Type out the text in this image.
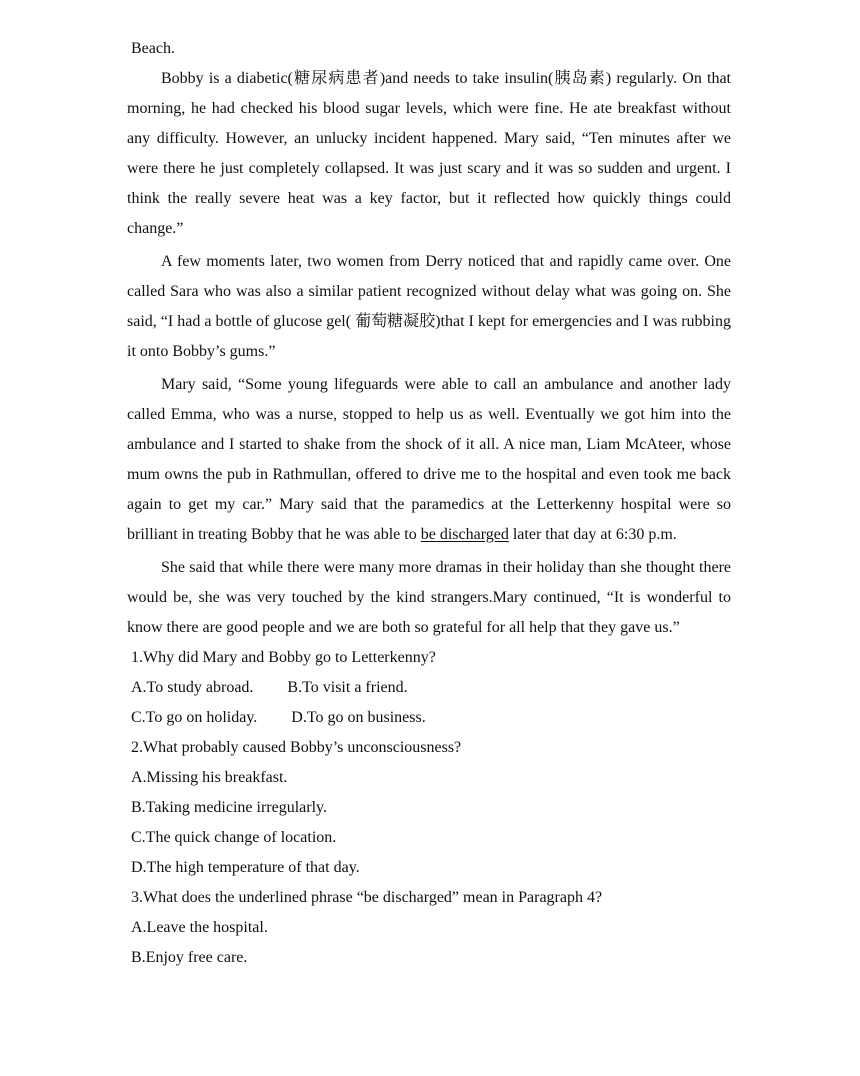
Beach.

Bobby is a diabetic(糖尿病患者)and needs to take insulin(胰岛素) regularly. On that morning, he had checked his blood sugar levels, which were fine. He ate breakfast without any difficulty. However, an unlucky incident happened. Mary said, “Ten minutes after we were there he just completely collapsed. It was just scary and it was so sudden and urgent. I think the really severe heat was a key factor, but it reflected how quickly things could change.”

A few moments later, two women from Derry noticed that and rapidly came over. One called Sara who was also a similar patient recognized without delay what was going on. She said, “I had a bottle of glucose gel( 葡萄糖凝胶)that I kept for emergencies and I was rubbing it onto Bobby’s gums.”

Mary said, “Some young lifeguards were able to call an ambulance and another lady called Emma, who was a nurse, stopped to help us as well. Eventually we got him into the ambulance and I started to shake from the shock of it all. A nice man, Liam McAteer, whose mum owns the pub in Rathmullan, offered to drive me to the hospital and even took me back again to get my car.” Mary said that the paramedics at the Letterkenny hospital were so brilliant in treating Bobby that he was able to be discharged later that day at 6:30 p.m.

She said that while there were many more dramas in their holiday than she thought there would be, she was very touched by the kind strangers.Mary continued, “It is wonderful to know there are good people and we are both so grateful for all help that they gave us.”

1.Why did Mary and Bobby go to Letterkenny?

A.To study abroad. B.To visit a friend.

C.To go on holiday. D.To go on business.

2.What probably caused Bobby’s unconsciousness?

A.Missing his breakfast.

B.Taking medicine irregularly.

C.The quick change of location.

D.The high temperature of that day.

3.What does the underlined phrase “be discharged” mean in Paragraph 4?

A.Leave the hospital.

B.Enjoy free care.
